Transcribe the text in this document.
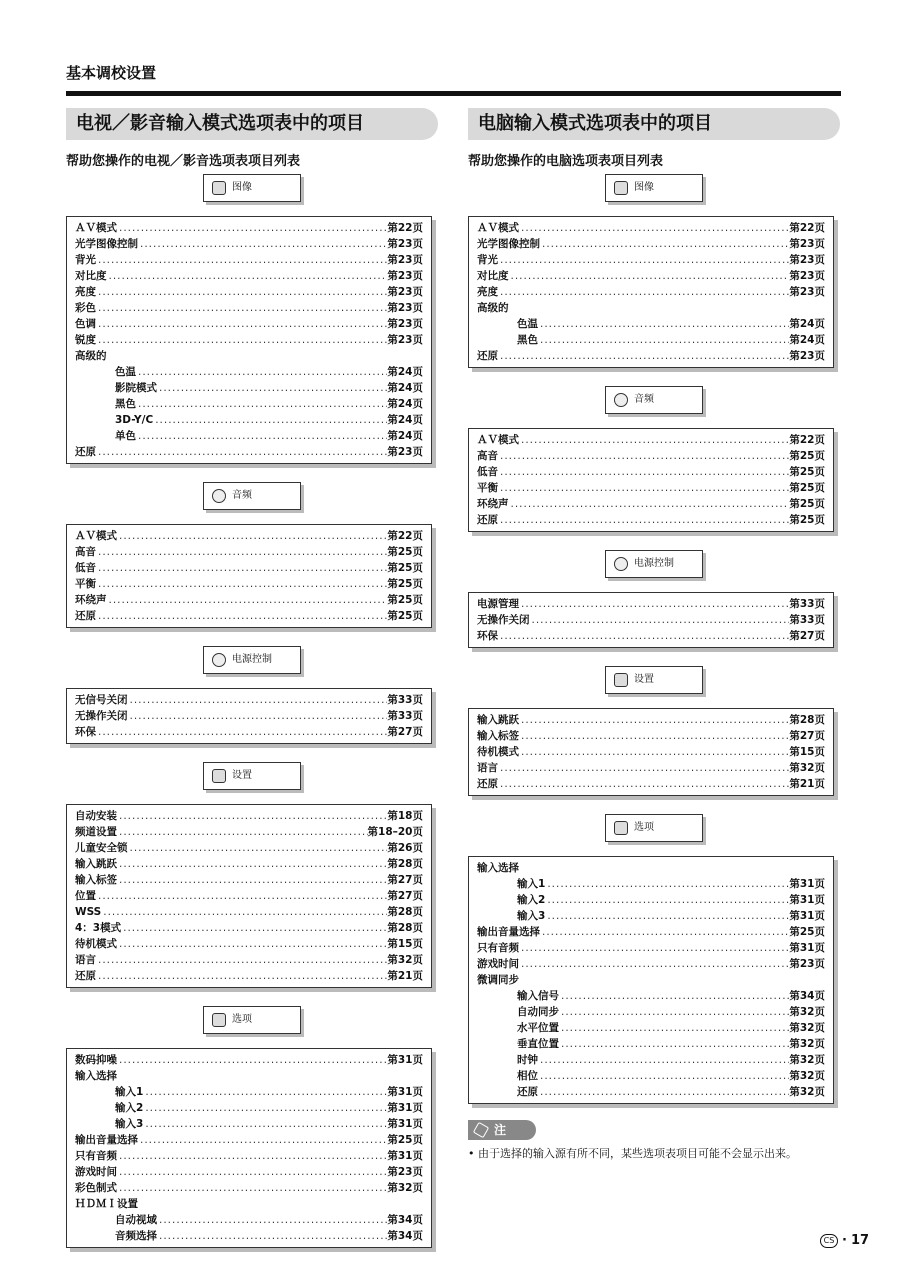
基本调校设置
电视／影音输入模式选项表中的项目
帮助您操作的电视／影音选项表项目列表
图像
ＡＶ模式 .....	第22页
光学图像控制 .....	第23页
背光 .....	第23页
对比度 .....	第23页
亮度 .....	第23页
彩色 .....	第23页
色调 .....	第23页
锐度 .....	第23页
高级的
色温 .....	第24页
影院模式 .....	第24页
黑色 .....	第24页
3D-Y/C .....	第24页
单色 .....	第24页
还原 .....	第23页
音频
ＡＶ模式 .....	第22页
高音 .....	第25页
低音 .....	第25页
平衡 .....	第25页
环绕声 .....	第25页
还原 .....	第25页
电源控制
无信号关闭 .....	第33页
无操作关闭 .....	第33页
环保 .....	第27页
设置
自动安装 .....	第18页
频道设置 .....	第18–20页
儿童安全锁 .....	第26页
输入跳跃 .....	第28页
输入标签 .....	第27页
位置 .....	第27页
WSS .....	第28页
4：3模式 .....	第28页
待机模式 .....	第15页
语言 .....	第32页
还原 .....	第21页
选项
数码抑噪 .....	第31页
输入选择
输入1 .....	第31页
输入2 .....	第31页
输入3 .....	第31页
输出音量选择 .....	第25页
只有音频 .....	第31页
游戏时间 .....	第23页
彩色制式 .....	第32页
ＨＤＭＩ设置
自动视域 .....	第34页
音频选择 .....	第34页
电脑输入模式选项表中的项目
帮助您操作的电脑选项表项目列表
图像
ＡＶ模式 .....	第22页
光学图像控制 .....	第23页
背光 .....	第23页
对比度 .....	第23页
亮度 .....	第23页
高级的
色温 .....	第24页
黑色 .....	第24页
还原 .....	第23页
音频
ＡＶ模式 .....	第22页
高音 .....	第25页
低音 .....	第25页
平衡 .....	第25页
环绕声 .....	第25页
还原 .....	第25页
电源控制
电源管理 .....	第33页
无操作关闭 .....	第33页
环保 .....	第27页
设置
输入跳跃 .....	第28页
输入标签 .....	第27页
待机模式 .....	第15页
语言 .....	第32页
还原 .....	第21页
选项
输入选择
输入1 .....	第31页
输入2 .....	第31页
输入3 .....	第31页
输出音量选择 .....	第25页
只有音频 .....	第31页
游戏时间 .....	第23页
微调同步
输入信号 .....	第34页
自动同步 .....	第32页
水平位置 .....	第32页
垂直位置 .....	第32页
时钟 .....	第32页
相位 .....	第32页
还原 .....	第32页
注
• 由于选择的输入源有所不同，某些选项表项目可能不会显示出来。
CS · 17
